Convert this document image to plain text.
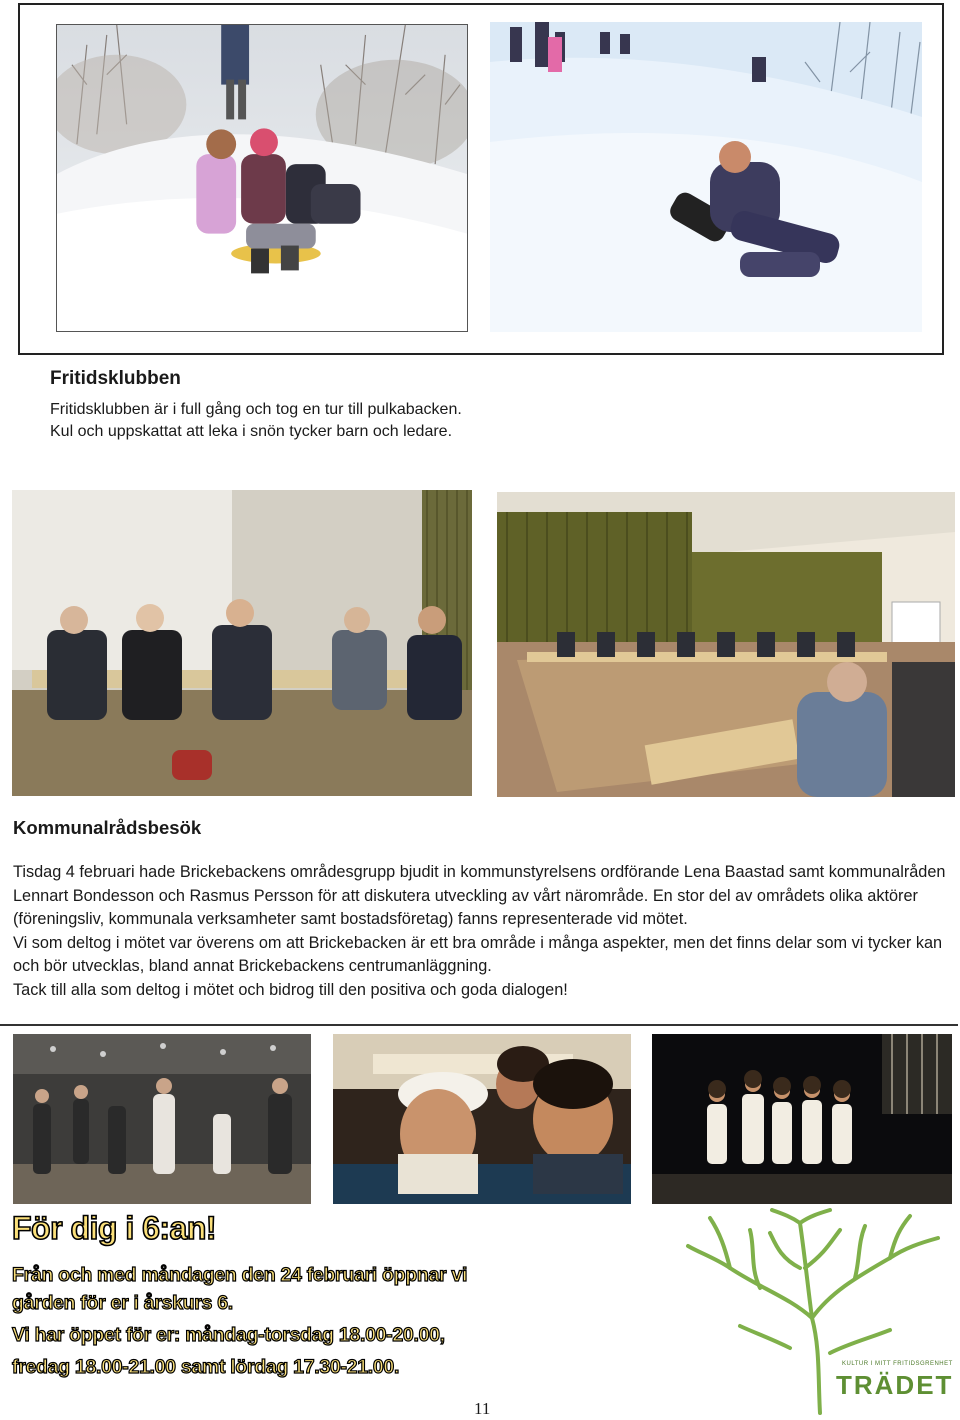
Fritidsklubben
Fritidsklubben är i full gång och tog en tur till pulkabacken.
Kul och uppskattat att leka i snön tycker barn och ledare.
Kommunalrådsbesök

Tisdag 4 februari hade Brickebackens områdesgrupp bjudit in kommunstyrelsens ordförande Lena Baastad samt kommunalråden Lennart Bondesson och Rasmus Persson för att diskutera utveckling av vårt närområde. En stor del av områdets olika aktörer (föreningsliv, kommunala verksamheter samt bostadsföretag) fanns representerade vid mötet.

Vi som deltog i mötet var överens om att Brickebacken är ett bra område i många aspekter, men det finns delar som vi tycker kan och bör utvecklas, bland annat Brickebackens centrumanläggning.

Tack till alla som deltog i mötet och bidrog till den positiva och goda dialogen!

För dig i 6:an!
Från och med måndagen den 24 februari öppnar vi
gården för er i årskurs 6.
Vi har öppet för er: måndag-torsdag 18.00-20.00,
fredag 18.00-21.00 samt lördag 17.30-21.00.	KULTUR I MITT FRITIDSGRENHET
TRÄDET
11
